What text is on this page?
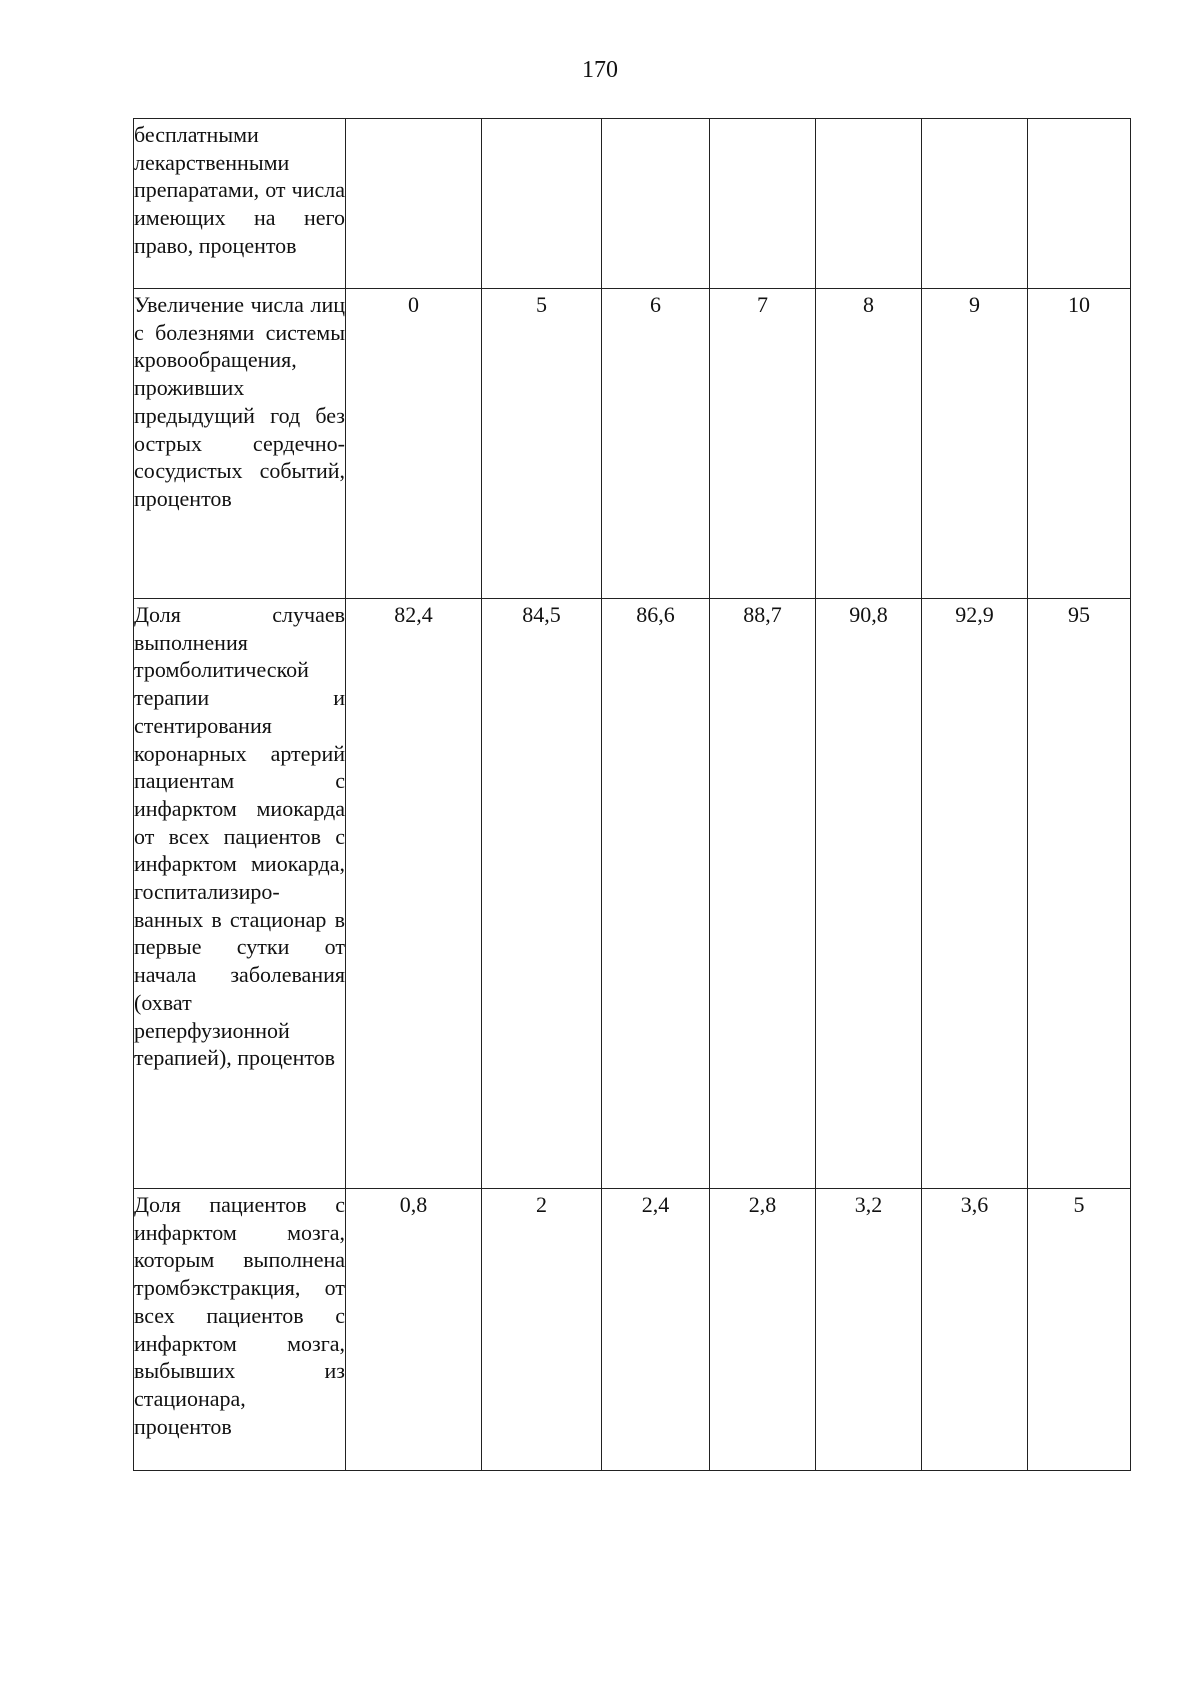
170
бесплатными лекарственными препаратами, от числа имеющих на него право, процентов							
Увеличение числа лиц с болезнями системы кровообращения, проживших предыдущий год без острых сердечно-сосудистых событий, процентов	0	5	6	7	8	9	10
Доля случаев выполнения тромболитической терапии и стентирования коронарных артерий пациентам с инфарктом миокарда от всех пациентов с инфарктом миокарда, госпитализиро-ванных в стационар в первые сутки от начала заболевания (охват реперфузионной терапией), процентов	82,4	84,5	86,6	88,7	90,8	92,9	95
Доля пациентов с инфарктом мозга, которым выполнена тромбэкстракция, от всех пациентов с инфарктом мозга, выбывших из стационара, процентов	0,8	2	2,4	2,8	3,2	3,6	5
